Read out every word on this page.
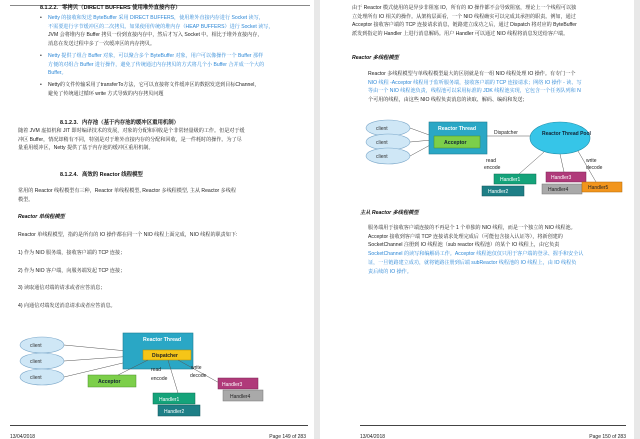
8.1.2.2. 零拷贝（DIRECT BUFFERS 使用堆外直接内存）
• Netty 的接收和发送 ByteBuffer 采用 DIRECT BUFFERS，使用堆外直接内存进行 Socket 读写，
不需要进行字节缓冲区的二次拷贝。如果使用传统的堆内存（HEAP BUFFERS）进行 Socket 读写，
JVM 会将堆内存 Buffer 拷贝一份到直接内存中，然后才写入 Socket 中。相比于堆外直接内存，
消息在发送过程中多了一次缓冲区的内存拷贝。
• Netty 提供了组合 Buffer 对象，可以聚合多个 ByteBuffer 对象，用户可以像操作一个 Buffer 那样
方便的对组合 Buffer 进行操作，避免了传统通过内存拷贝的方式将几个小 Buffer 合并成一个大的
Buffer。
• Netty的文件传输采用了transferTo方法，它可以直接将文件缓冲区的数据发送到目标Channel，
避免了传统通过循环 write 方式导致的内存拷贝问题
8.1.2.3. 内存池（基于内存池的缓冲区重用机制）
随着 JVM 虚拟机和 JIT 即时编译技术的发展，对象的分配和回收是个非常轻量级的工作。但是对于缓
冲区 Buffer，情况却稍有不同，特别是对于堆外直接内存的分配和回收，是一件耗时的操作。为了尽
量重用缓冲区，Netty 提供了基于内存池的缓冲区重用机制。
8.1.2.4. 高效的 Reactor 线程模型
常用的 Reactor 线程模型有三种，Reactor 单线程模型, Reactor 多线程模型, 主从 Reactor 多线程
模型。
Reactor 单线程模型
Reactor 单线程模型，指的是所有的 IO 操作都在同一个 NIO 线程上面完成，NIO 线程的职责如下:
1) 作为 NIO 服务端，接收客户端的 TCP 连接；
2) 作为 NIO 客户端，向服务端发起 TCP 连接；
3) 读取通信对端的请求或者应答消息；
4) 向通信对端发送消息请求或者应答消息。
client
client
client
Reactor Thread
Dispatcher
Acceptor
read
encode
write
decode
Handler3
Handler4
Handler1
Handler2
13/04/2018	Page 149 of 283
由于 Reactor 模式使用的是异步非阻塞 IO，所有的 IO 操作都不会导致阻塞，理论上一个线程可以独
立处理所有 IO 相关的操作。从架构层面看，一个 NIO 线程确实可以完成其承担的职责。例如，通过
Acceptor 接收客户端的 TCP 连接请求消息，链路建立成功之后，通过 Dispatch 将对应的 ByteBuffer
派发到指定的 Handler 上进行消息解码。用户 Handler 可以通过 NIO 线程将消息发送给客户端。
Reactor 多线程模型
Reactor 多线程模型与单线程模型最大的区别就是有一组 NIO 线程处理 IO 操作。有专门一个
NIO 线程 -Acceptor 线程用于监听服务端，接收客户端的 TCP 连接请求；网络 IO 操作 - 读、写
等由一个 NIO 线程池负责，线程池可以采用标准的 JDK 线程池实现，它包含一个任务队列和 N
个可用的线程，由这些 NIO 线程负责消息的读取、解码、编码和发送；
client
client
client
Reactor Thread
Acceptor
Dispatcher	Reactor Thread Pool
read
encode
write
decode
Handler1
Handler2
Handler3
Handler4	Handler5
主从 Reactor 多线程模型
服务端用于接收客户端连接的不再是个 1 个单独的 NIO 线程，而是一个独立的 NIO 线程池。
Acceptor 接收到客户端 TCP 连接请求处理完成后（可能包含接入认证等），将新创建的
SocketChannel 注册到 IO 线程池（sub reactor 线程池）的某个 IO 线程上，由它负责
SocketChannel 的读写和编解码工作。Acceptor 线程池仅仅只用于客户端的登录、握手和安全认
证，一旦链路建立成功，就将链路注册到后端 subReactor 线程池的 IO 线程上，由 IO 线程负
责后续的 IO 操作。
13/04/2018	Page 150 of 283
